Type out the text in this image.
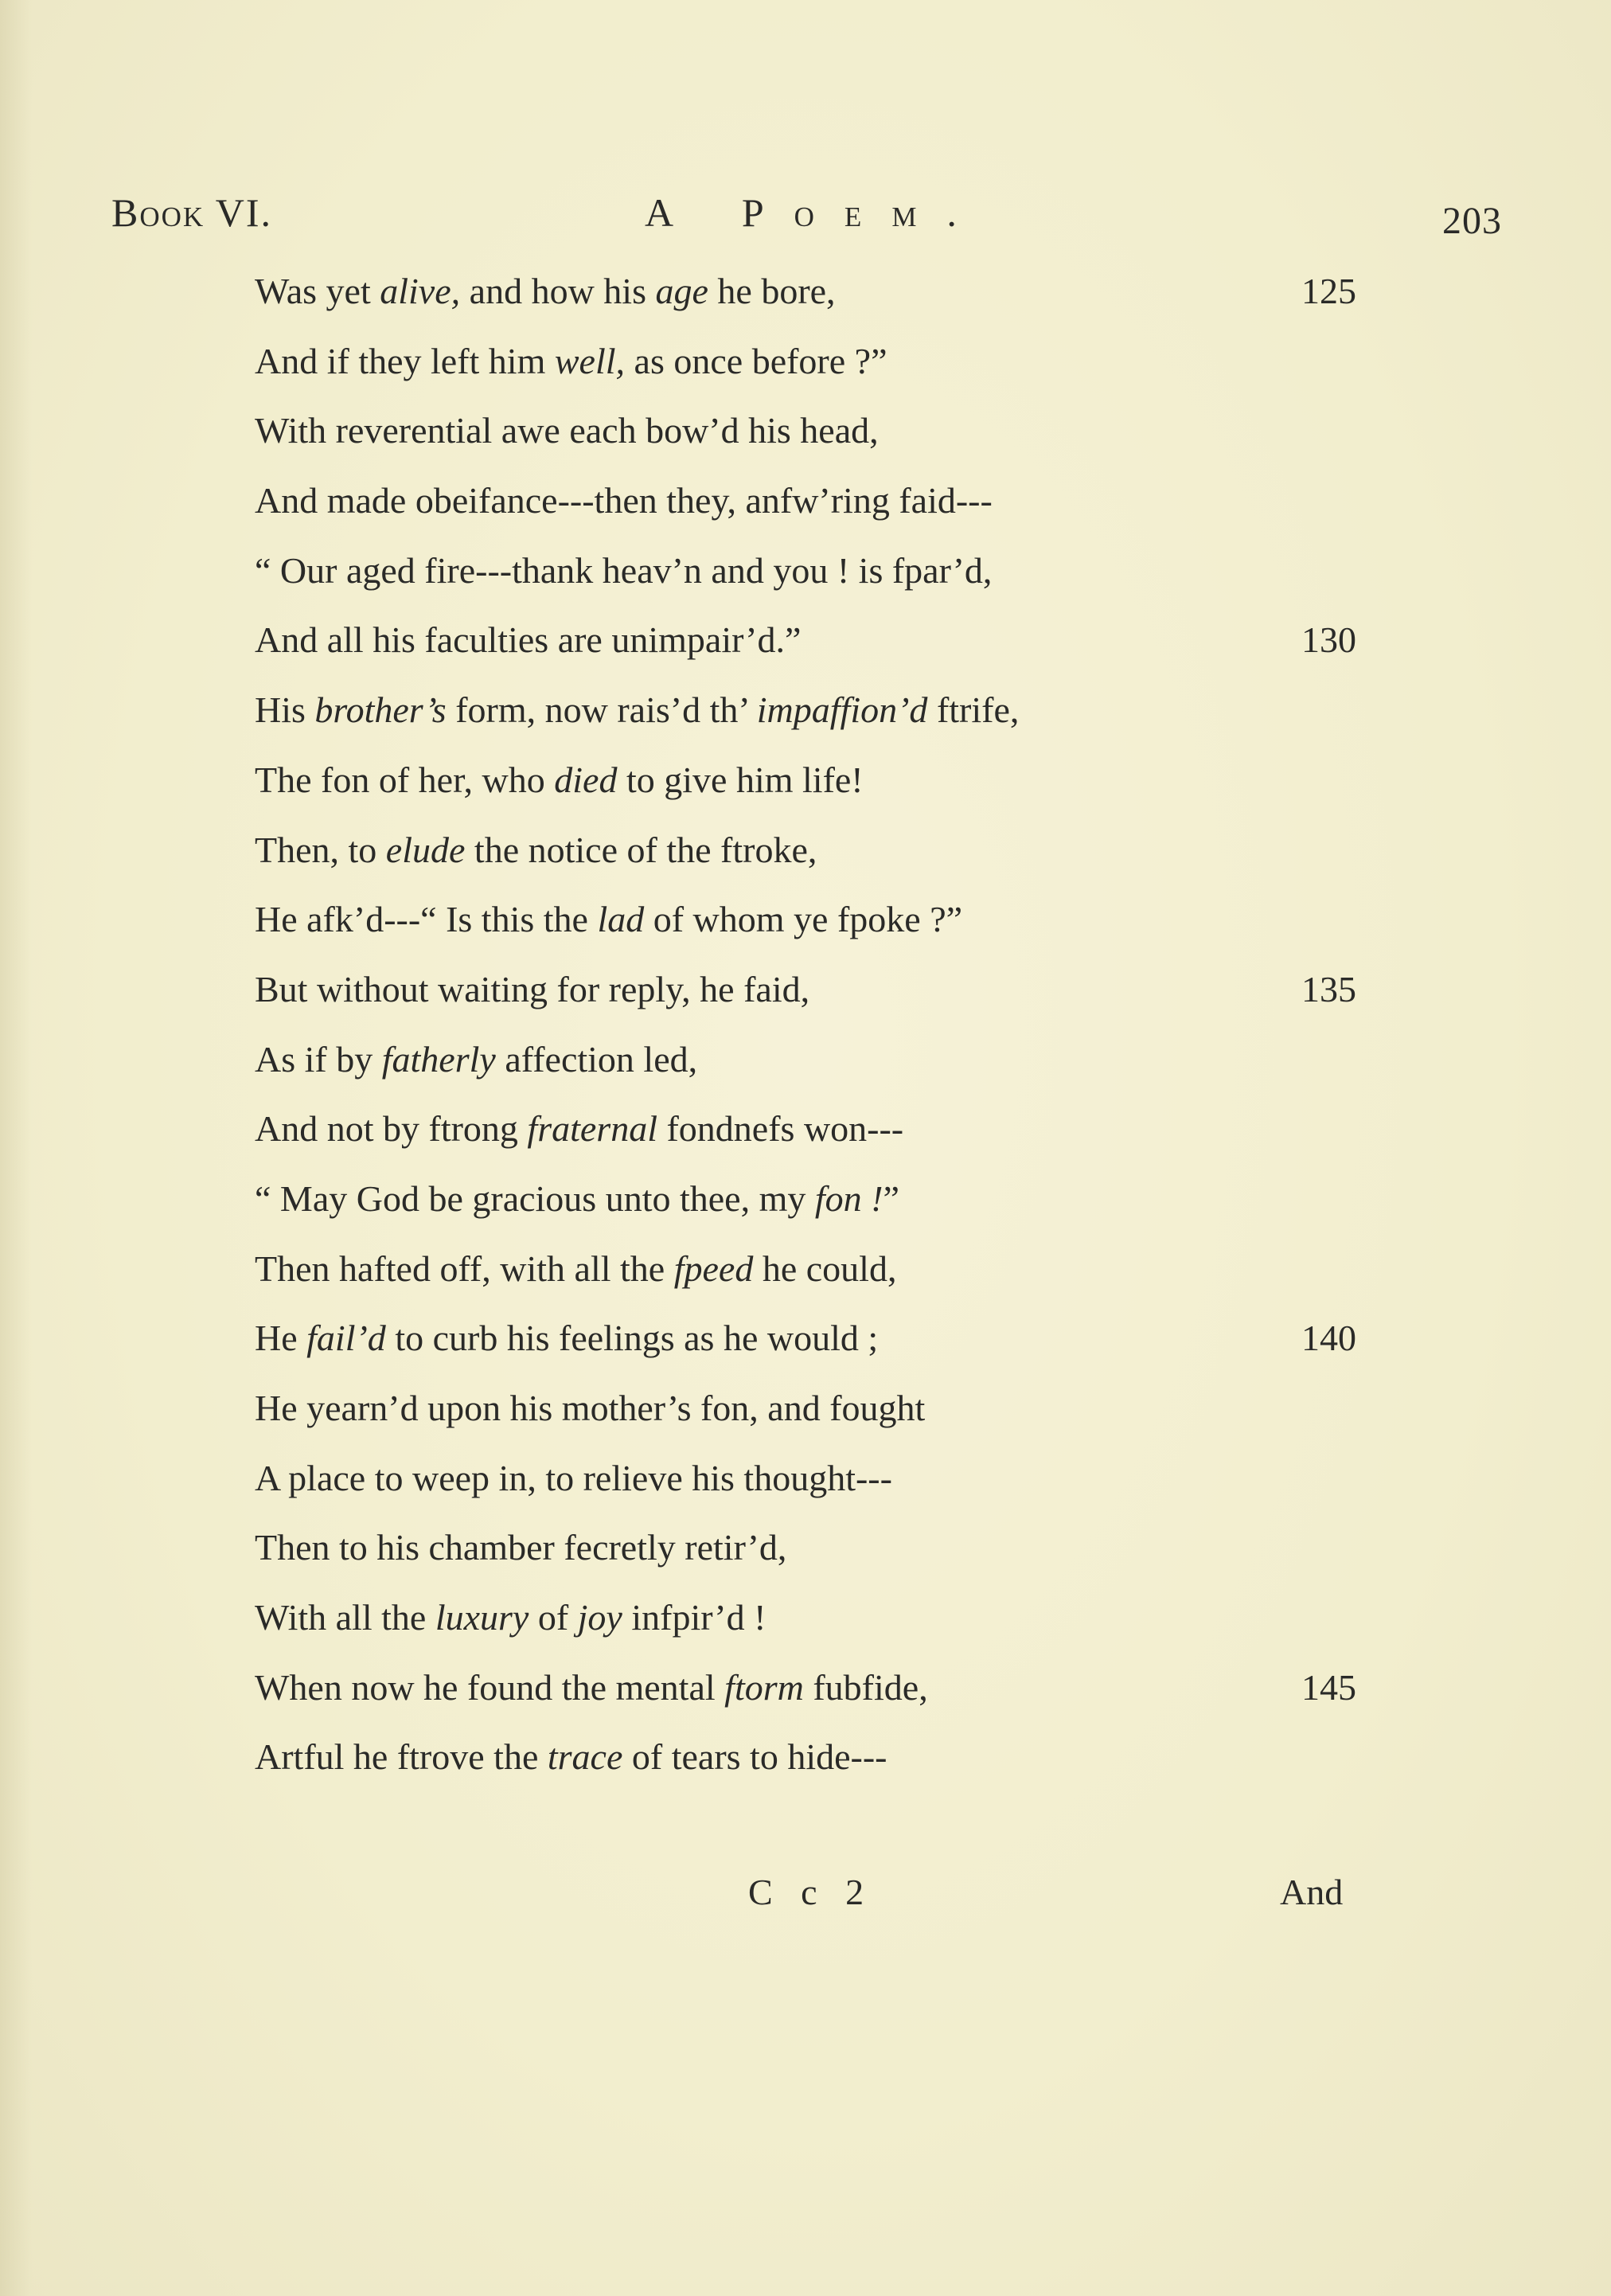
Book VI.	A Poem.	203
Was yet alive, and how his age he bore,	125
And if they left him well, as once before ?”
With reverential awe each bow’d his head,
And made obeifance---then they, anfw’ring faid---
“ Our aged fire---thank heav’n and you ! is fpar’d,
And all his faculties are unimpair’d.”	130
His brother’s form, now rais’d th’ impaffion’d ftrife,
The fon of her, who died to give him life!
Then, to elude the notice of the ftroke,
He afk’d---“ Is this the lad of whom ye fpoke ?”
But without waiting for reply, he faid,	135
As if by fatherly affection led,
And not by ftrong fraternal fondnefs won---
“ May God be gracious unto thee, my fon !”
Then hafted off, with all the fpeed he could,
He fail’d to curb his feelings as he would ;	140
He yearn’d upon his mother’s fon, and fought
A place to weep in, to relieve his thought---
Then to his chamber fecretly retir’d,
With all the luxury of joy infpir’d !
When now he found the mental ftorm fubfide,	145
Artful he ftrove the trace of tears to hide---
C c 2	And
